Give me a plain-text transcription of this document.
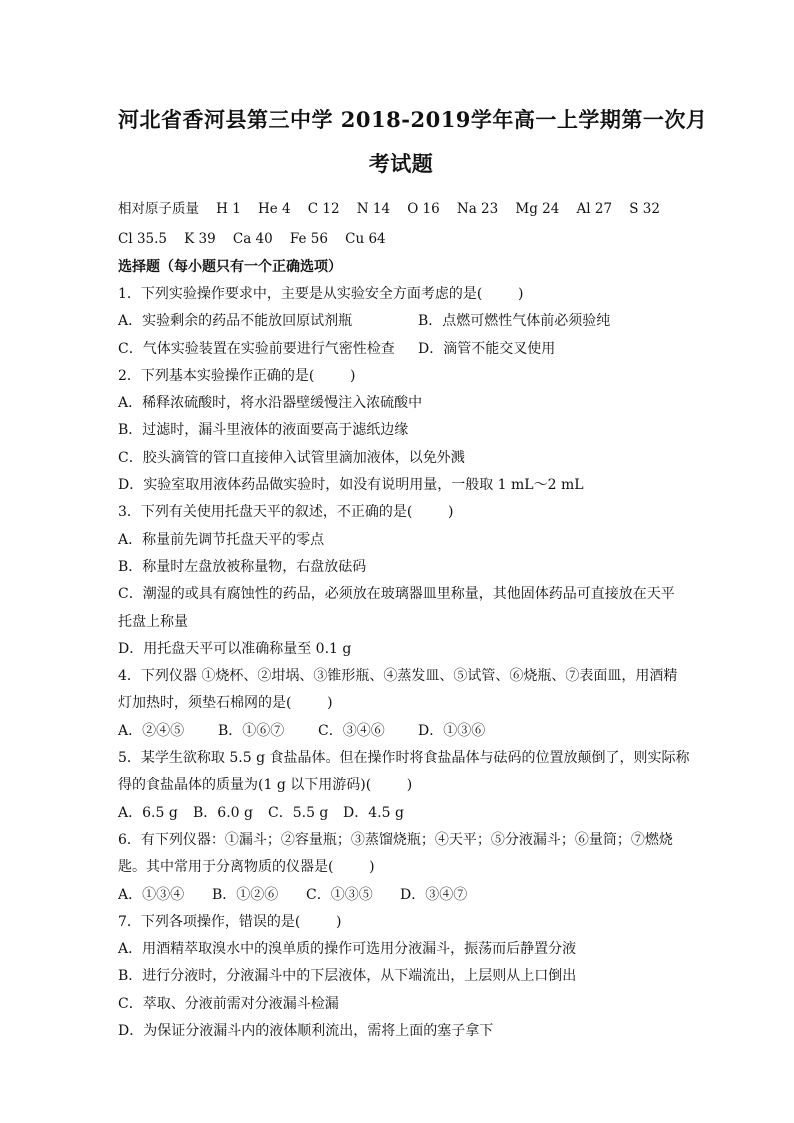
河北省香河县第三中学 2018-2019学年高一上学期第一次月
考试题
相对原子质量    H 1    He 4    C 12    N 14    O 16    Na 23    Mg 24    Al 27    S 32
Cl 35.5    K 39    Ca 40    Fe 56    Cu 64
选择题（每小题只有一个正确选项）
1．下列实验操作要求中，主要是从实验安全方面考虑的是(        )
A．实验剩余的药品不能放回原试剂瓶	B．点燃可燃性气体前必须验纯
C．气体实验装置在实验前要进行气密性检查	D．滴管不能交叉使用
2．下列基本实验操作正确的是(        )
A．稀释浓硫酸时，将水沿器壁缓慢注入浓硫酸中
B．过滤时，漏斗里液体的液面要高于滤纸边缘
C．胶头滴管的管口直接伸入试管里滴加液体，以免外溅
D．实验室取用液体药品做实验时，如没有说明用量，一般取 1 mL～2 mL
3．下列有关使用托盘天平的叙述，不正确的是(        )
A．称量前先调节托盘天平的零点
B．称量时左盘放被称量物，右盘放砝码
C．潮湿的或具有腐蚀性的药品，必须放在玻璃器皿里称量，其他固体药品可直接放在天平托盘上称量
D．用托盘天平可以准确称量至 0.1 g
4．下列仪器 ①烧杯、②坩埚、③锥形瓶、④蒸发皿、⑤试管、⑥烧瓶、⑦表面皿，用酒精
灯加热时，须垫石棉网的是(        )
A．②④⑤ B．①⑥⑦ C．③④⑥ D．①③⑥
5．某学生欲称取 5.5 g 食盐晶体。但在操作时将食盐晶体与砝码的位置放颠倒了，则实际称
得的食盐晶体的质量为(1 g 以下用游码)(        )
A．6.5 g B．6.0 g C．5.5 g D．4.5 g
6．有下列仪器：①漏斗；②容量瓶；③蒸馏烧瓶；④天平；⑤分液漏斗；⑥量筒；⑦燃烧
匙。其中常用于分离物质的仪器是(        )
A．①③④ B．①②⑥ C．①③⑤ D．③④⑦
7．下列各项操作，错误的是(        )
A．用酒精萃取溴水中的溴单质的操作可选用分液漏斗，振荡而后静置分液
B．进行分液时，分液漏斗中的下层液体，从下端流出，上层则从上口倒出
C．萃取、分液前需对分液漏斗检漏
D．为保证分液漏斗内的液体顺利流出，需将上面的塞子拿下
